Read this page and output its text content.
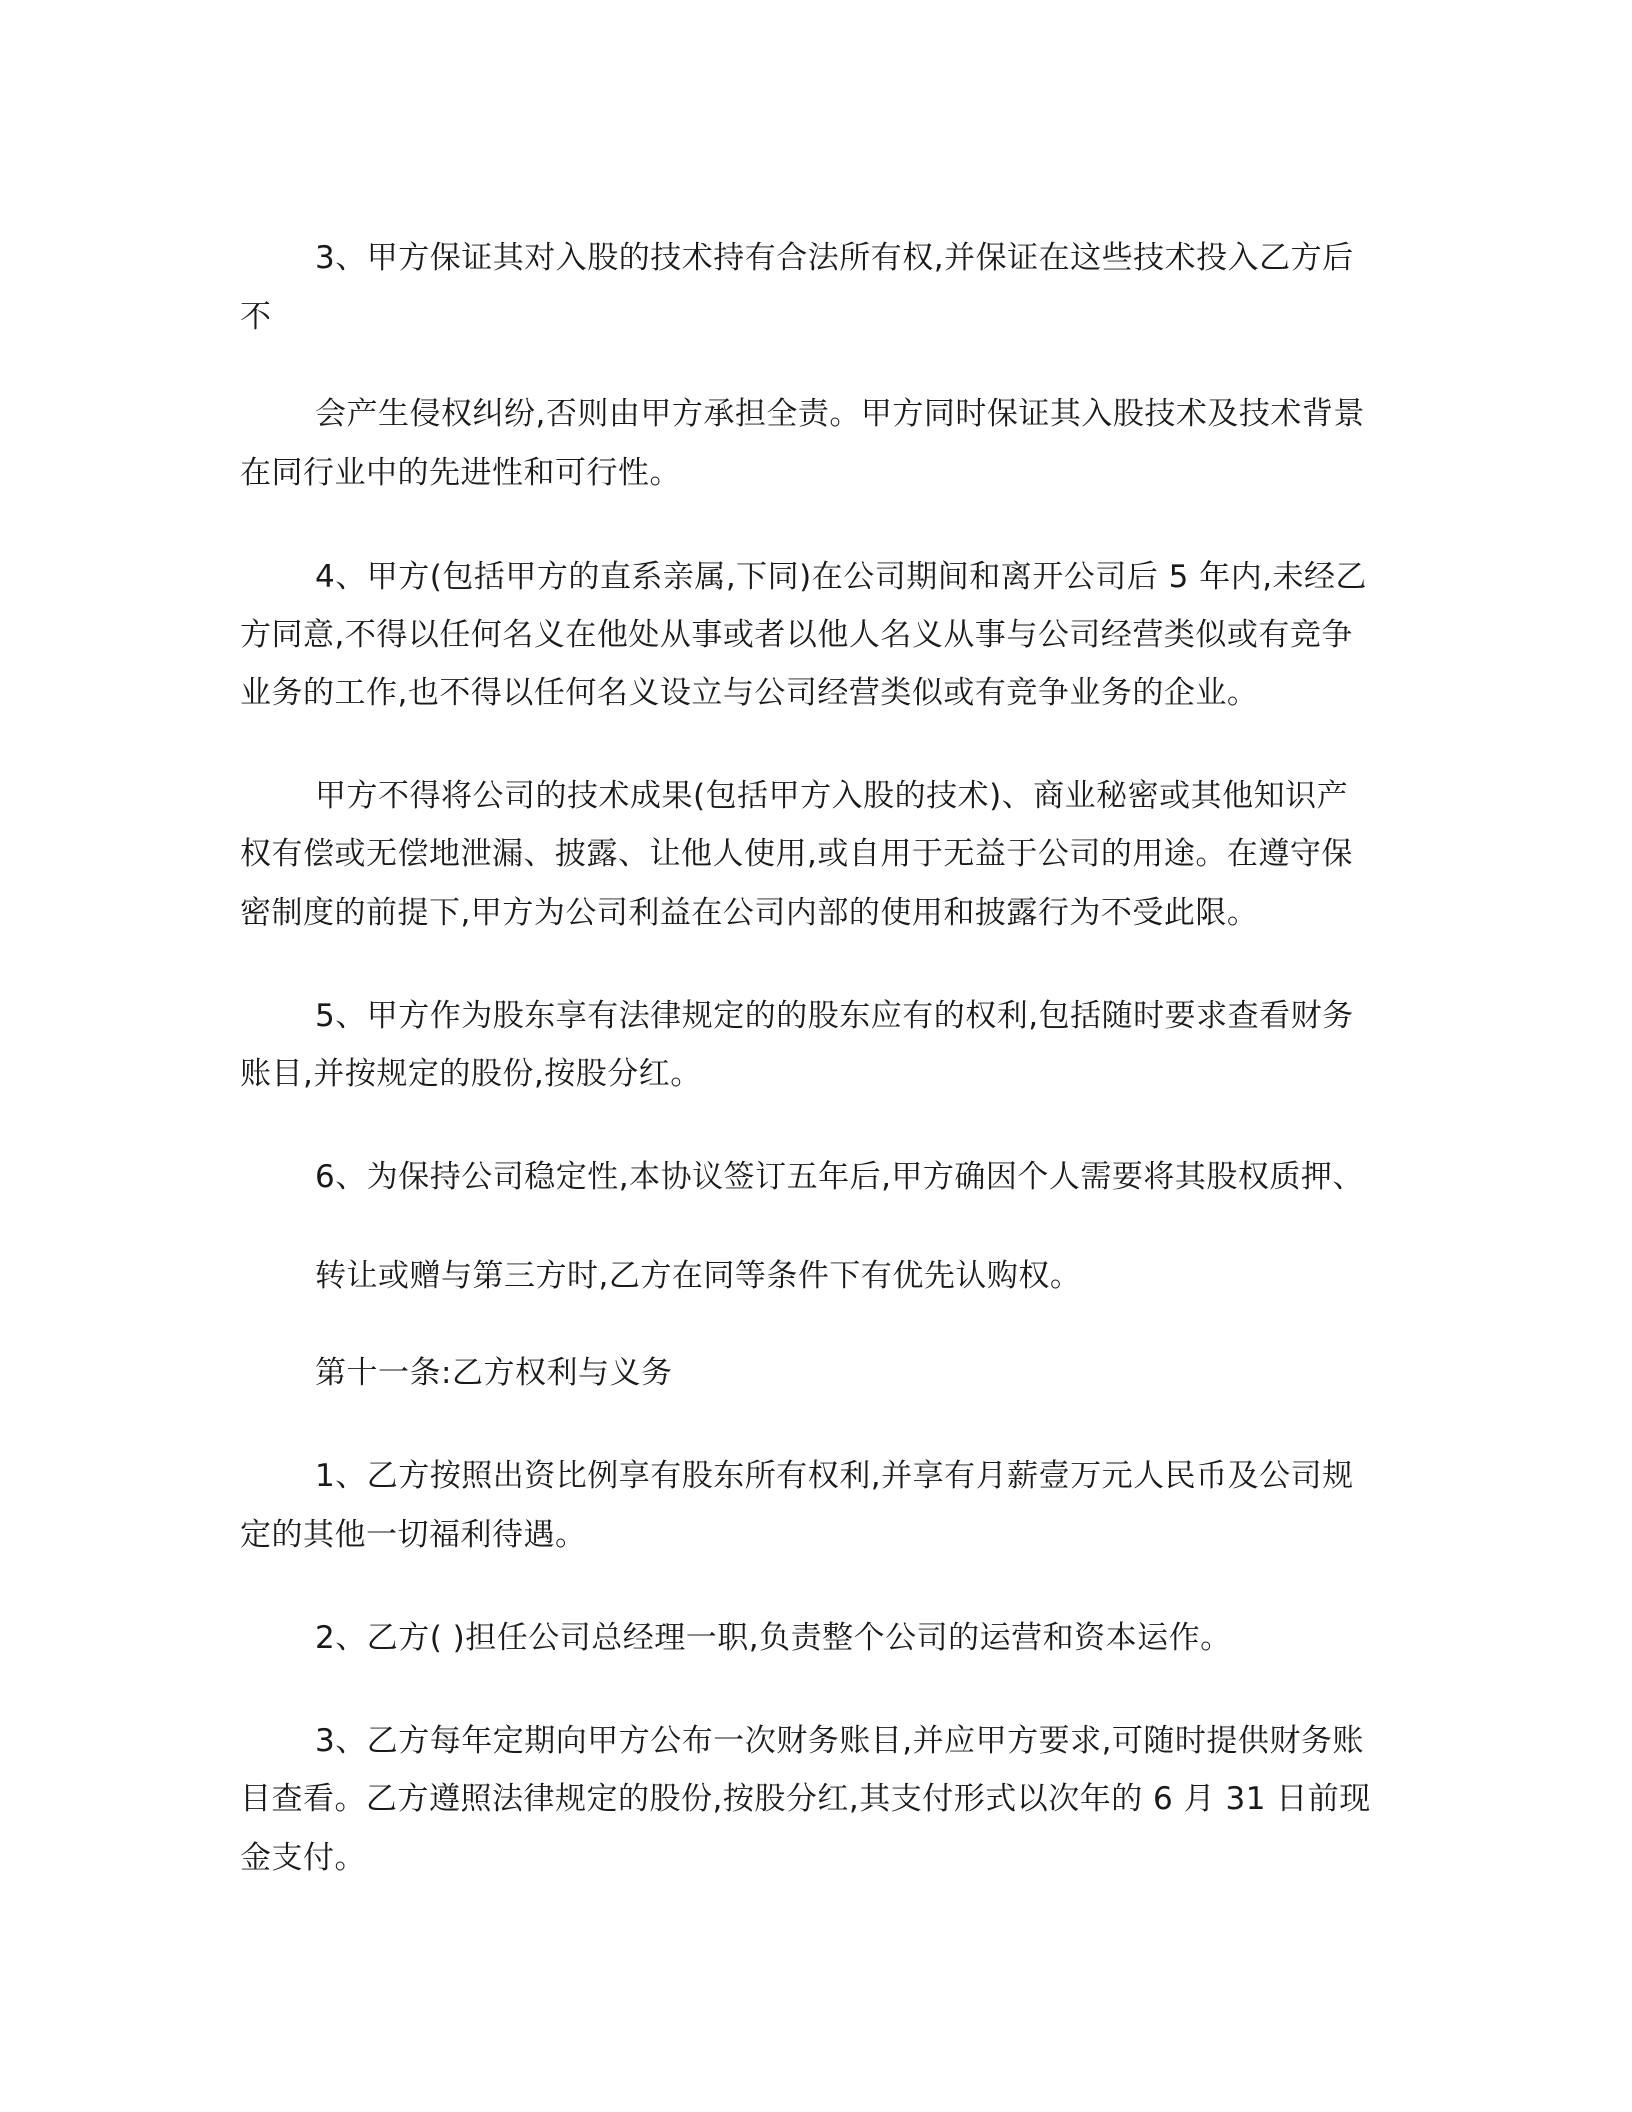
3、甲方保证其对入股的技术持有合法所有权,并保证在这些技术投入乙方后
不
会产生侵权纠纷,否则由甲方承担全责。甲方同时保证其入股技术及技术背景
在同行业中的先进性和可行性。
4、甲方(包括甲方的直系亲属,下同)在公司期间和离开公司后 5 年内,未经乙
方同意,不得以任何名义在他处从事或者以他人名义从事与公司经营类似或有竞争
业务的工作,也不得以任何名义设立与公司经营类似或有竞争业务的企业。
甲方不得将公司的技术成果(包括甲方入股的技术)、商业秘密或其他知识产
权有偿或无偿地泄漏、披露、让他人使用,或自用于无益于公司的用途。在遵守保
密制度的前提下,甲方为公司利益在公司内部的使用和披露行为不受此限。
5、甲方作为股东享有法律规定的的股东应有的权利,包括随时要求查看财务
账目,并按规定的股份,按股分红。
6、为保持公司稳定性,本协议签订五年后,甲方确因个人需要将其股权质押、
转让或赠与第三方时,乙方在同等条件下有优先认购权。
第十一条:乙方权利与义务
1、乙方按照出资比例享有股东所有权利,并享有月薪壹万元人民币及公司规
定的其他一切福利待遇。
2、乙方( )担任公司总经理一职,负责整个公司的运营和资本运作。
3、乙方每年定期向甲方公布一次财务账目,并应甲方要求,可随时提供财务账
目查看。乙方遵照法律规定的股份,按股分红,其支付形式以次年的 6 月 31 日前现
金支付。
